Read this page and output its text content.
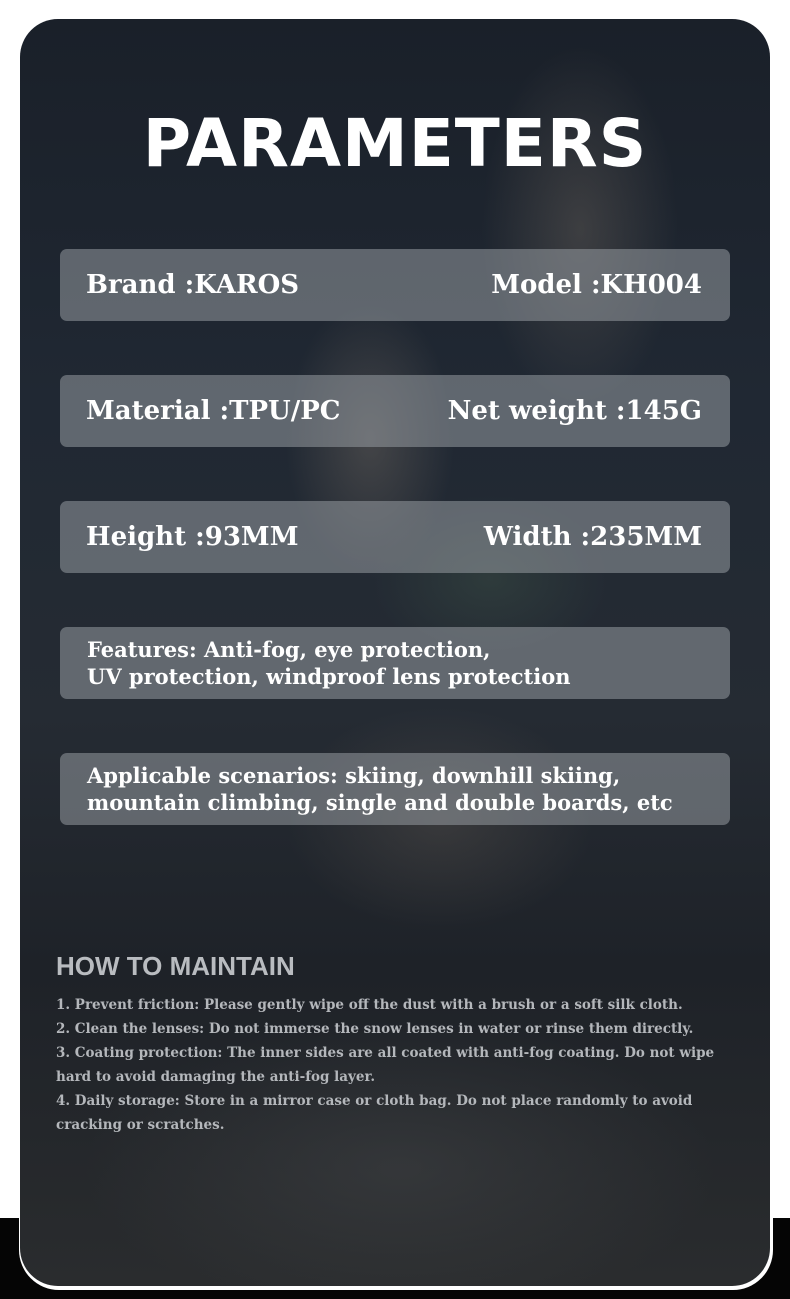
PARAMETERS
Brand :KAROS	Model :KH004
Material :TPU/PC	Net weight :145G
Height :93MM	Width :235MM
Features: Anti-fog, eye protection,
UV protection, windproof lens protection
Applicable scenarios: skiing, downhill skiing,
mountain climbing, single and double boards, etc
HOW TO MAINTAIN
1. Prevent friction: Please gently wipe off the dust with a brush or a soft silk cloth.
2. Clean the lenses: Do not immerse the snow lenses in water or rinse them directly.
3. Coating protection: The inner sides are all coated with anti-fog coating. Do not wipe hard to avoid damaging the anti-fog layer.
4. Daily storage: Store in a mirror case or cloth bag. Do not place randomly to avoid cracking or scratches.
